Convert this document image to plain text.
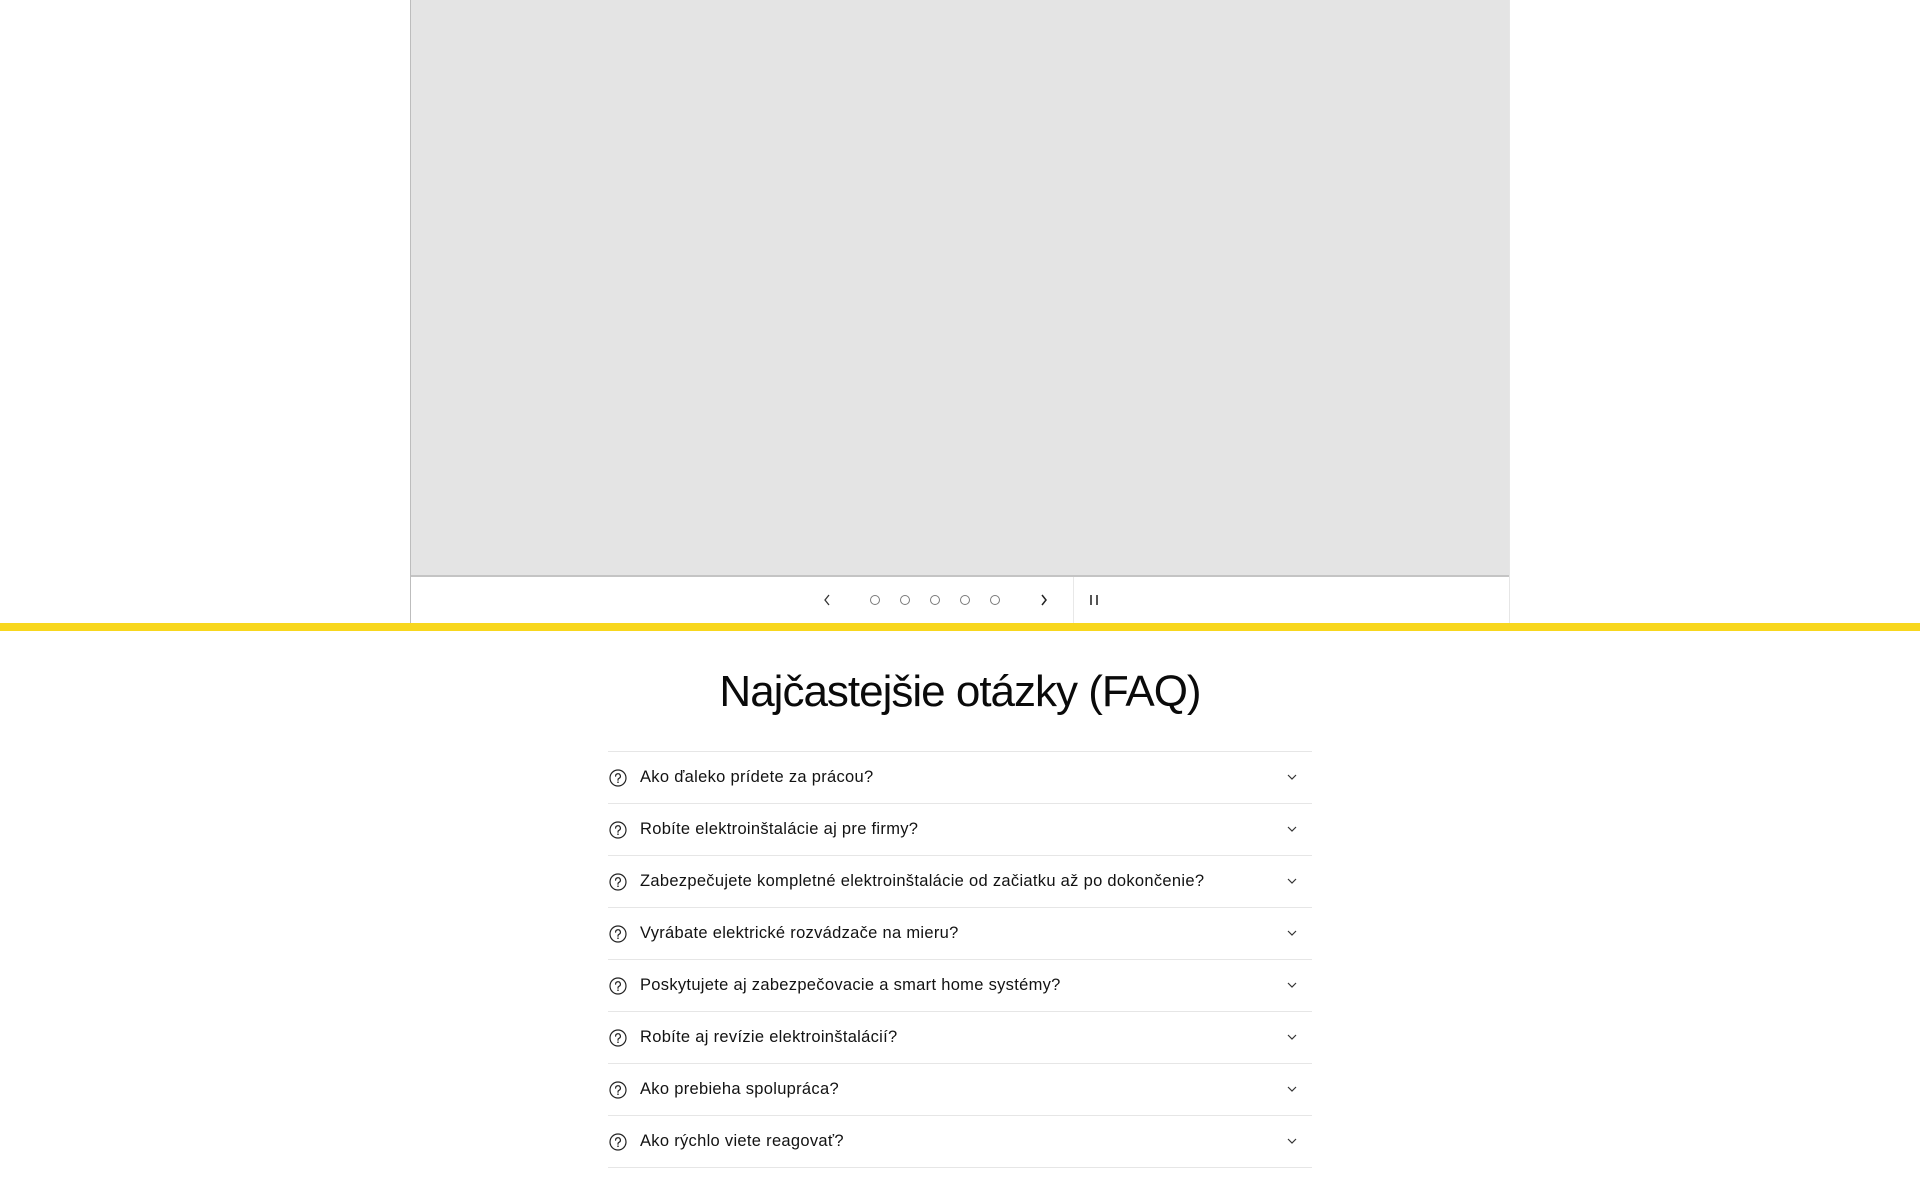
Najčastejšie otázky (FAQ)
Ako ďaleko prídete za prácou?
Robíte elektroinštalácie aj pre firmy?
Zabezpečujete kompletné elektroinštalácie od začiatku až po dokončenie?
Vyrábate elektrické rozvádzače na mieru?
Poskytujete aj zabezpečovacie a smart home systémy?
Robíte aj revízie elektroinštalácií?
Ako prebieha spolupráca?
Ako rýchlo viete reagovať?
